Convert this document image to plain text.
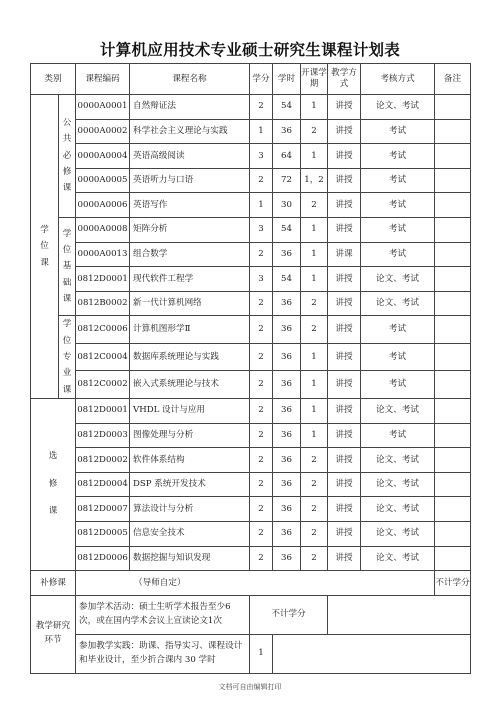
计算机应用技术专业硕士研究生课程计划表
类别		课程编码	课程名称	学分	学时	开课学期	教学方式	考核方式	备注

学
位
课	公
共
必
修
课	0000A0001	自然辩证法	2	54	1	讲授	论文、考试	
		0000A0002	科学社会主义理论与实践	1	36	2	讲授	考试	
		0000A0004	英语高级阅读	3	64	1	讲授	考试	
		0000A0005	英语听力与口语	2	72	1，2	讲授	考试	
		0000A0006	英语写作	1	30	2	讲授	考试	

	学
位
基
础
课	0000A0008	矩阵分析	3	54	1	讲授	考试	
		0000A0013	组合数学	2	36	1	讲课	考试	
		0812D0001	现代软件工程学	3	54	1	讲授	论文、考试	
		0812B0002	新一代计算机网络	2	36	2	讲授	论文、考试	

	学
位
专
业
课	0812C0006	计算机图形学Ⅱ	2	36	2	讲授	考试	
		0812C0004	数据库系统理论与实践	2	36	1	讲授	考试	
		0812C0002	嵌入式系统理论与技术	2	36	1	讲授	考试	

选
修
课		0812D0001	VHDL 设计与应用	2	36	1	讲授	论文、考试	
		0812D0003	图像处理与分析	2	36	1	讲授	考试	
		0812D0002	软件体系结构	2	36	2	讲授	论文、考试	
		0812D0004	DSP 系统开发技术	2	36	2	讲授	论文、考试	
		0812D0007	算法设计与分析	2	36	2	讲授	论文、考试	
		0812D0005	信息安全技术	2	36	2	讲授	论文、考试	
		0812D0006	数据挖掘与知识发现	2	36	2	讲授	论文、考试	
补修课		（导师自定）							不计学分
教学研究环节		参加学术活动：硕士生听学术报告至少6次，或在国内学术会议上宣读论文1次		不计学分					
		参加教学实践：助课、指导实习、课程设计和毕业设计，至少折合课内 30 学时		1					
文档可自由编辑打印
